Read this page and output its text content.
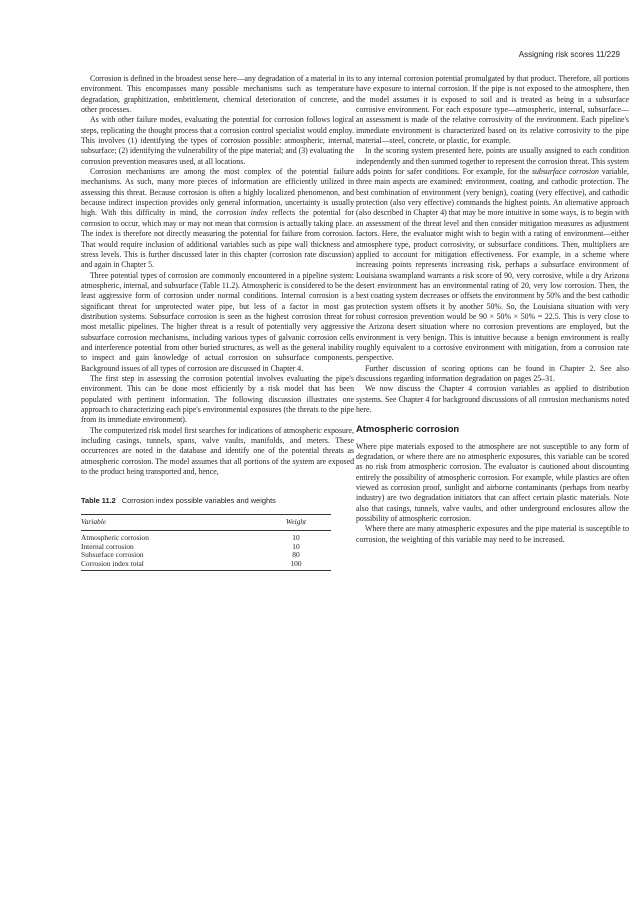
Assigning risk scores 11/229

Corrosion is defined in the broadest sense here—any degradation of a material in its environment. This encompasses many possible mechanisms such as temperature degradation, graphitization, embrittlement, chemical deterioration of concrete, and other processes.

As with other failure modes, evaluating the potential for corrosion follows logical steps, replicating the thought process that a corrosion control specialist would employ. This involves (1) identifying the types of corrosion possible: atmospheric, internal, subsurface; (2) identifying the vulnerability of the pipe material; and (3) evaluating the corrosion prevention measures used, at all locations.

Corrosion mechanisms are among the most complex of the potential failure mechanisms. As such, many more pieces of information are efficiently utilized in assessing this threat. Because corrosion is often a highly localized phenomenon, and because indirect inspection provides only general information, uncertainty is usually high. With this difficulty in mind, the corrosion index reflects the potential for corrosion to occur, which may or may not mean that corrosion is actually taking place. The index is therefore not directly measuring the potential for failure from corrosion. That would require inclusion of additional variables such as pipe wall thickness and stress levels. This is further discussed later in this chapter (corrosion rate discussion) and again in Chapter 5.

Three potential types of corrosion are commonly encountered in a pipeline system: atmospheric, internal, and subsurface (Table 11.2). Atmospheric is considered to be the least aggressive form of corrosion under normal conditions. Internal corrosion is a significant threat for unprotected water pipe, but less of a factor in most gas distribution systems. Subsurface corrosion is seen as the highest corrosion threat for most metallic pipelines. The higher threat is a result of potentially very aggressive subsurface corrosion mechanisms, including various types of galvanic corrosion cells and interference potential from other buried structures, as well as the general inability to inspect and gain knowledge of actual corrosion on subsurface components. Background issues of all types of corrosion are discussed in Chapter 4.

The first step in assessing the corrosion potential involves evaluating the pipe's environment. This can be done most efficiently by a risk model that has been populated with pertinent information. The following discussion illustrates one approach to characterizing each pipe's environmental exposures (the threats to the pipe from its immediate environment).

The computerized risk model first searches for indications of atmospheric exposure, including casings, tunnels, spans, valve vaults, manifolds, and meters. These occurrences are noted in the database and identify one of the potential threats as atmospheric corrosion. The model assumes that all portions of the system are exposed to the product being transported and, hence,

Table 11.2 Corrosion index possible variables and weights
Variable	Weight
Atmospheric corrosion	10
Internal corrosion	10
Subsurface corrosion	80
Corrosion index total	100

to any internal corrosion potential promulgated by that product. Therefore, all portions have exposure to internal corrosion. If the pipe is not exposed to the atmosphere, then the model assumes it is exposed to soil and is treated as being in a subsurface corrosive environment. For each exposure type—atmospheric, internal, subsurface—an assessment is made of the relative corrosivity of the environment. Each pipeline's immediate environment is characterized based on its relative corrosivity to the pipe material—steel, concrete, or plastic, for example.

In the scoring system presented here, points are usually assigned to each condition independently and then summed together to represent the corrosion threat. This system adds points for safer conditions. For example, for the subsurface corrosion variable, three main aspects are examined: environment, coating, and cathodic protection. The best combination of environment (very benign), coating (very effective), and cathodic protection (also very effective) commands the highest points. An alternative approach (also described in Chapter 4) that may be more intuitive in some ways, is to begin with an assessment of the threat level and then consider mitigation measures as adjustment factors. Here, the evaluator might wish to begin with a rating of environment—either atmosphere type, product corrosivity, or subsurface conditions. Then, multipliers are applied to account for mitigation effectiveness. For example, in a scheme where increasing points represents increasing risk, perhaps a subsurface environment of Louisiana swampland warrants a risk score of 90, very corrosive, while a dry Arizona desert environment has an environmental rating of 20, very low corrosion. Then, the best coating system decreases or offsets the environment by 50% and the best cathodic protection system offsets it by another 50%. So, the Louisiana situation with very robust corrosion prevention would be 90 × 50% × 50% = 22.5. This is very close to the Arizona desert situation where no corrosion preventions are employed, but the environment is very benign. This is intuitive because a benign environment is really roughly equivalent to a corrosive environment with mitigation, from a corrosion rate perspective.

Further discussion of scoring options can be found in Chapter 2. See also discussions regarding information degradation on pages 25–31.

We now discuss the Chapter 4 corrosion variables as applied to distribution systems. See Chapter 4 for background discussions of all corrosion mechanisms noted here.

Atmospheric corrosion

Where pipe materials exposed to the atmosphere are not susceptible to any form of degradation, or where there are no atmospheric exposures, this variable can be scored as no risk from atmospheric corrosion. The evaluator is cautioned about discounting entirely the possibility of atmospheric corrosion. For example, while plastics are often viewed as corrosion proof, sunlight and airborne contaminants (perhaps from nearby industry) are two degradation initiators that can affect certain plastic materials. Note also that casings, tunnels, valve vaults, and other underground enclosures allow the possibility of atmospheric corrosion.

Where there are many atmospheric exposures and the pipe material is susceptible to corrosion, the weighting of this variable may need to be increased.
